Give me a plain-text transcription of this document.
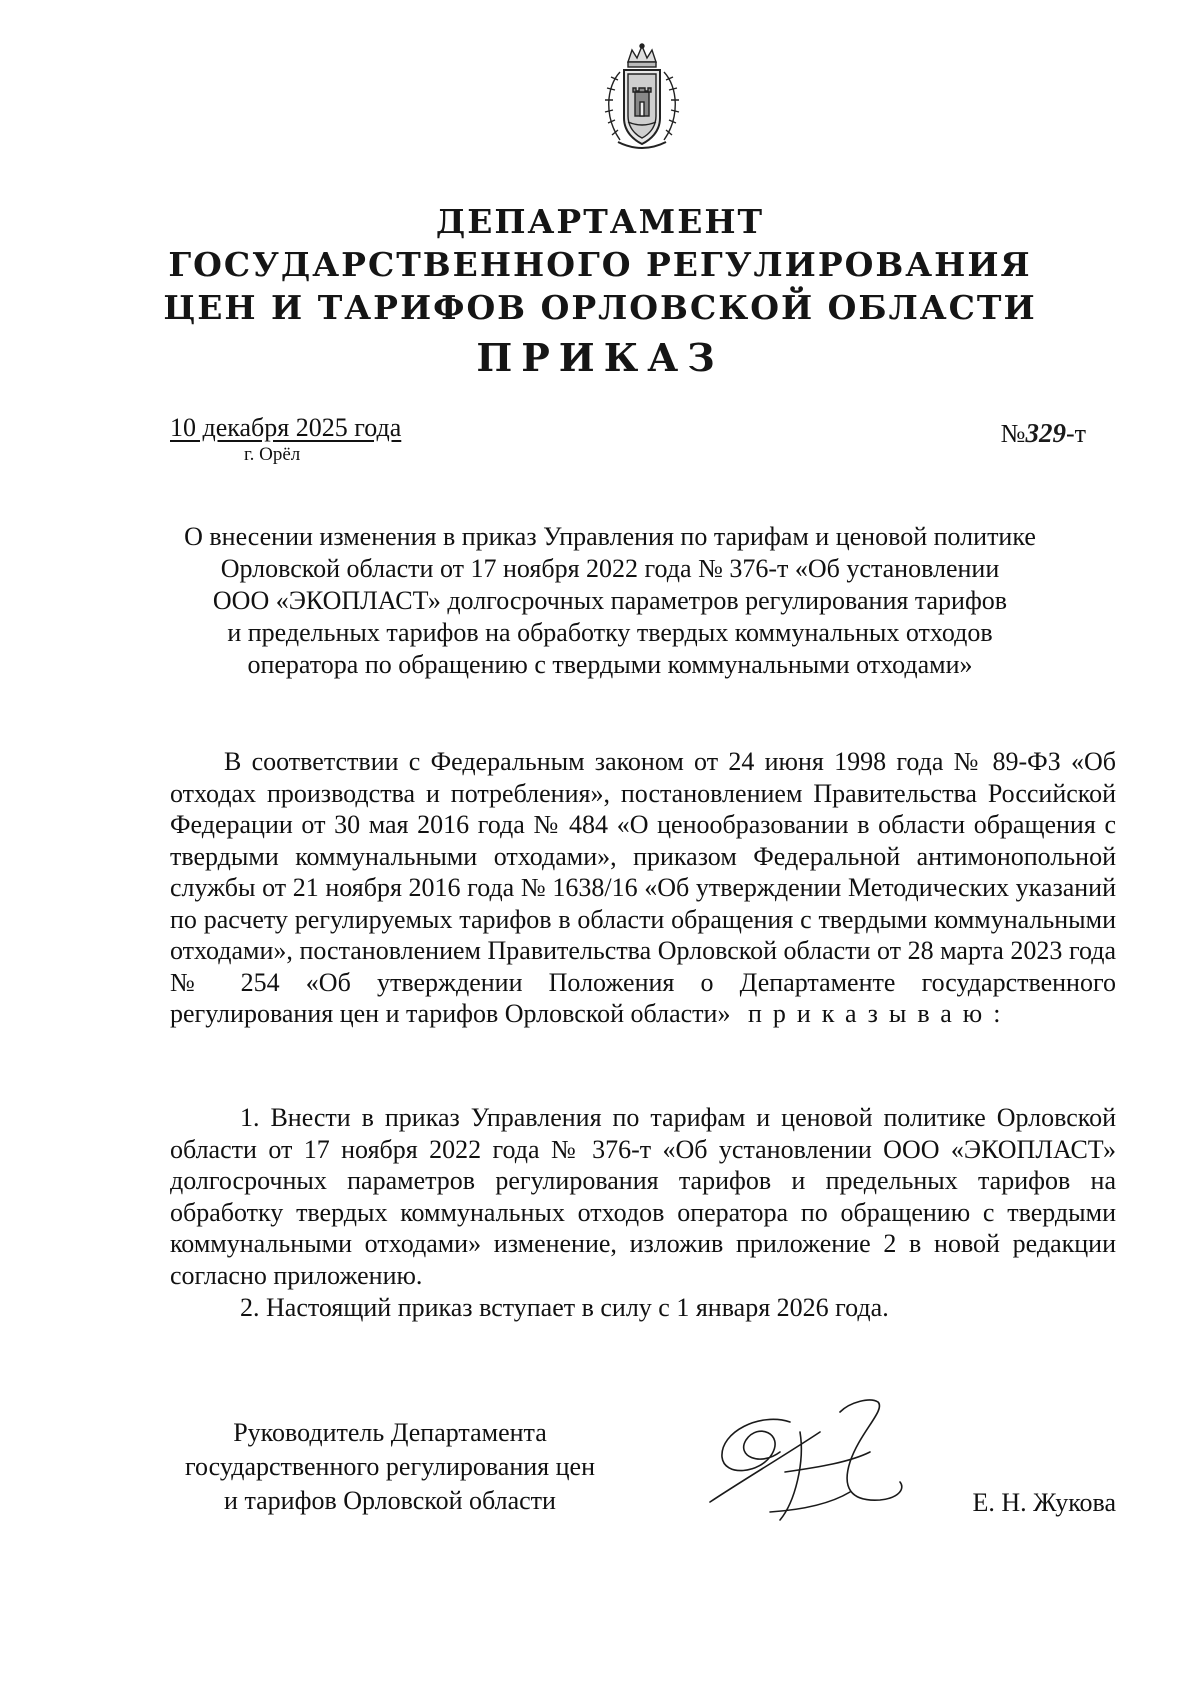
ДЕПАРТАМЕНТ
ГОСУДАРСТВЕННОГО РЕГУЛИРОВАНИЯ
ЦЕН И ТАРИФОВ ОРЛОВСКОЙ ОБЛАСТИ
ПРИКАЗ
10 декабря 2025 года
г. Орёл
№329-т
О внесении изменения в приказ Управления по тарифам и ценовой политике
Орловской области от 17 ноября 2022 года № 376-т «Об установлении
ООО «ЭКОПЛАСТ» долгосрочных параметров регулирования тарифов
и предельных тарифов на обработку твердых коммунальных отходов
оператора по обращению с твердыми коммунальными отходами»
В соответствии с Федеральным законом от 24 июня 1998 года № 89-ФЗ «Об отходах производства и потребления», постановлением Правительства Российской Федерации от 30 мая 2016 года № 484 «О ценообразовании в области обращения с твердыми коммунальными отходами», приказом Федеральной антимонопольной службы от 21 ноября 2016 года № 1638/16 «Об утверждении Методических указаний по расчету регулируемых тарифов в области обращения с твердыми коммунальными отходами», постановлением Правительства Орловской области от 28 марта 2023 года № 254 «Об утверждении Положения о Департаменте государственного регулирования цен и тарифов Орловской области» приказываю:
1. Внести в приказ Управления по тарифам и ценовой политике Орловской области от 17 ноября 2022 года № 376-т «Об установлении ООО «ЭКОПЛАСТ» долгосрочных параметров регулирования тарифов и предельных тарифов на обработку твердых коммунальных отходов оператора по обращению с твердыми коммунальными отходами» изменение, изложив приложение 2 в новой редакции согласно приложению.
2. Настоящий приказ вступает в силу с 1 января 2026 года.
Руководитель Департамента
государственного регулирования цен
и тарифов Орловской области	Е. Н. Жукова
